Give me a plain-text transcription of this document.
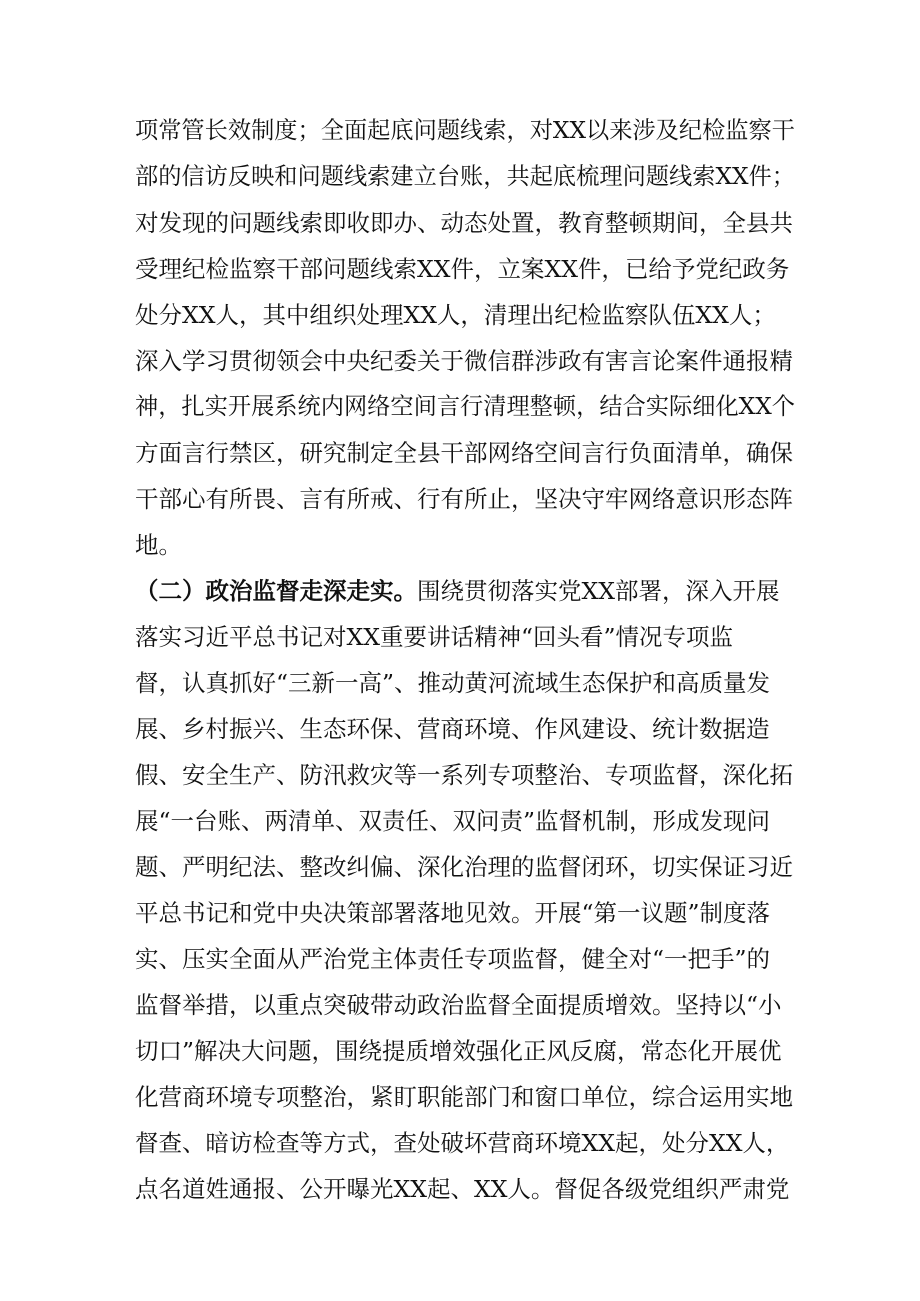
项常管长效制度；全面起底问题线索，对XX以来涉及纪检监察干
部的信访反映和问题线索建立台账，共起底梳理问题线索XX件；
对发现的问题线索即收即办、动态处置，教育整顿期间，全县共
受理纪检监察干部问题线索XX件，立案XX件，已给予党纪政务
处分XX人，其中组织处理XX人，清理出纪检监察队伍XX人；
深入学习贯彻领会中央纪委关于微信群涉政有害言论案件通报精
神，扎实开展系统内网络空间言行清理整顿，结合实际细化XX个
方面言行禁区，研究制定全县干部网络空间言行负面清单，确保
干部心有所畏、言有所戒、行有所止，坚决守牢网络意识形态阵
地。
（二）政治监督走深走实。围绕贯彻落实党XX部署，深入开展
落实习近平总书记对XX重要讲话精神“回头看”情况专项监
督，认真抓好“三新一高”、推动黄河流域生态保护和高质量发
展、乡村振兴、生态环保、营商环境、作风建设、统计数据造
假、安全生产、防汛救灾等一系列专项整治、专项监督，深化拓
展“一台账、两清单、双责任、双问责”监督机制，形成发现问
题、严明纪法、整改纠偏、深化治理的监督闭环，切实保证习近
平总书记和党中央决策部署落地见效。开展“第一议题”制度落
实、压实全面从严治党主体责任专项监督，健全对“一把手”的
监督举措，以重点突破带动政治监督全面提质增效。坚持以“小
切口”解决大问题，围绕提质增效强化正风反腐，常态化开展优
化营商环境专项整治，紧盯职能部门和窗口单位，综合运用实地
督查、暗访检查等方式，查处破坏营商环境XX起，处分XX人，
点名道姓通报、公开曝光XX起、XX人。督促各级党组织严肃党
